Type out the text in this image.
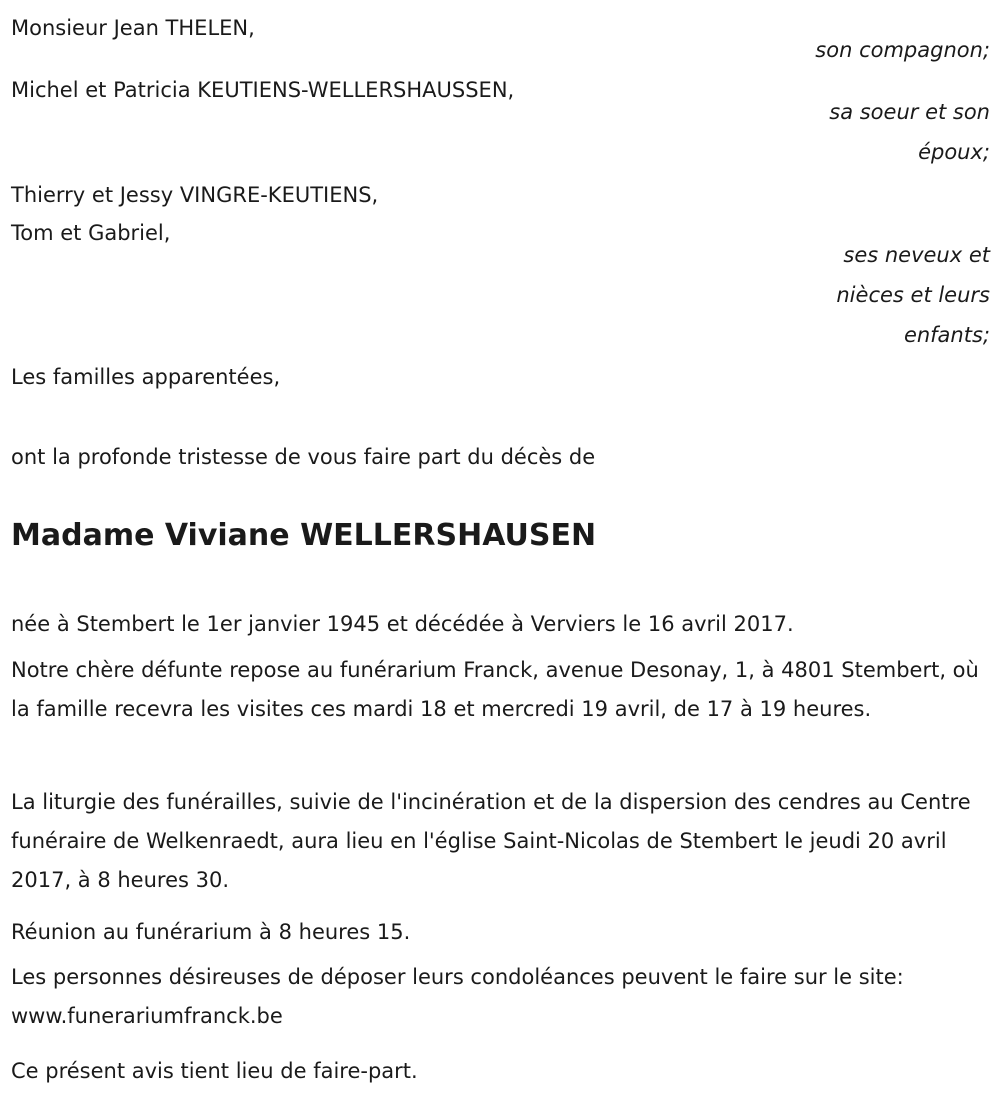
Monsieur Jean THELEN,
son compagnon;
Michel et Patricia KEUTIENS-WELLERSHAUSSEN,
sa soeur et son
époux;
Thierry et Jessy VINGRE-KEUTIENS,
Tom et Gabriel,
ses neveux et
nièces et leurs
enfants;
Les familles apparentées,
ont la profonde tristesse de vous faire part du décès de
Madame Viviane WELLERSHAUSEN
née à Stembert le 1er janvier 1945 et décédée à Verviers le 16 avril 2017.
Notre chère défunte repose au funérarium Franck, avenue Desonay, 1, à 4801 Stembert, où la famille recevra les visites ces mardi 18 et mercredi 19 avril, de 17 à 19 heures.
La liturgie des funérailles, suivie de l'incinération et de la dispersion des cendres au Centre funéraire de Welkenraedt, aura lieu en l'église Saint-Nicolas de Stembert le jeudi 20 avril 2017, à 8 heures 30.
Réunion au funérarium à 8 heures 15.
Les personnes désireuses de déposer leurs condoléances peuvent le faire sur le site: www.funerariumfranck.be
Ce présent avis tient lieu de faire-part.
